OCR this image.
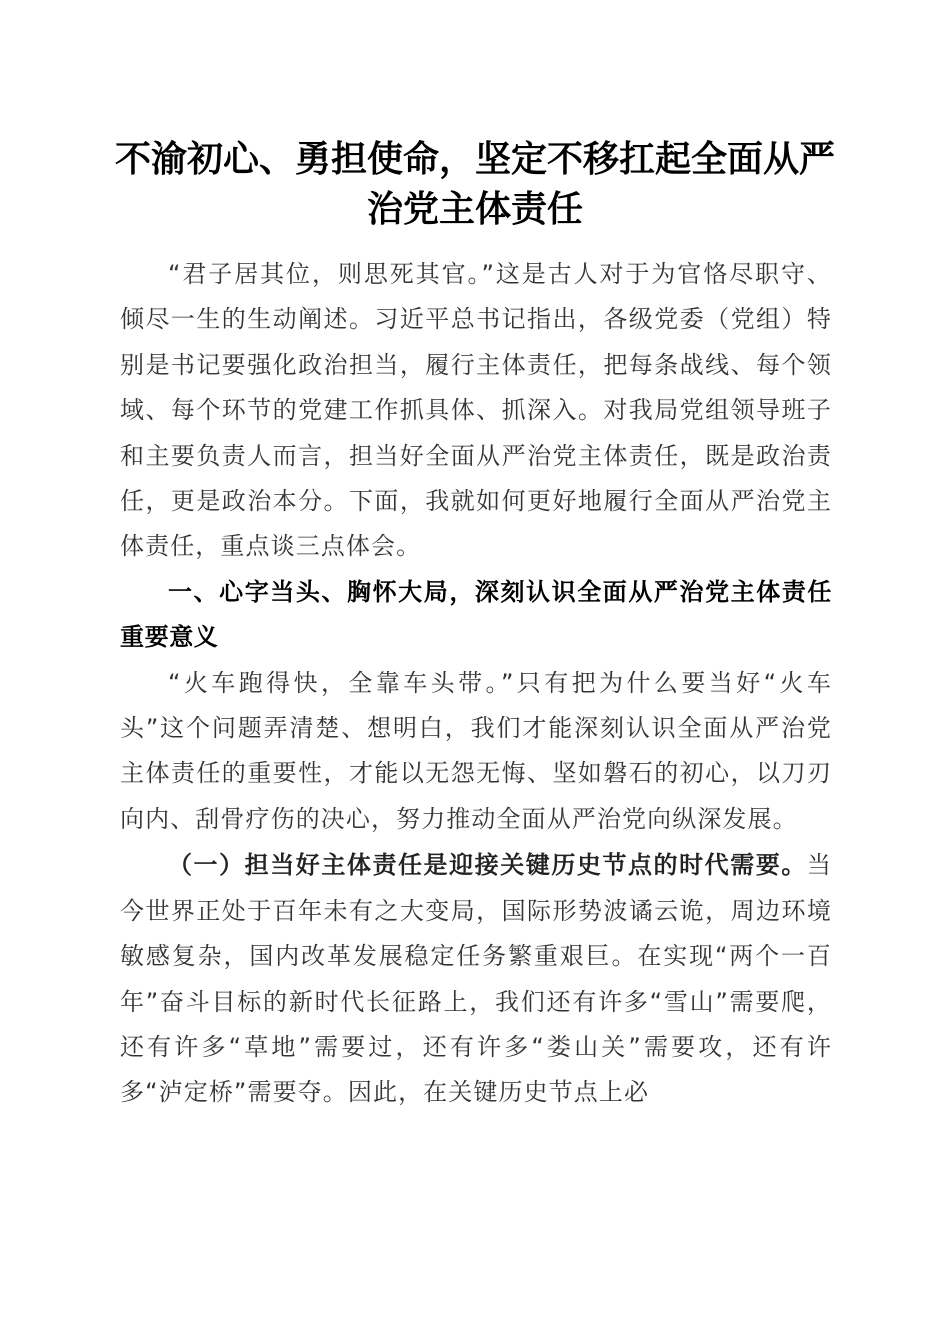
不渝初心、勇担使命，坚定不移扛起全面从严
治党主体责任

“君子居其位，则思死其官。”这是古人对于为官恪尽职守、倾尽一生的生动阐述。习近平总书记指出，各级党委（党组）特别是书记要强化政治担当，履行主体责任，把每条战线、每个领域、每个环节的党建工作抓具体、抓深入。对我局党组领导班子和主要负责人而言，担当好全面从严治党主体责任，既是政治责任，更是政治本分。下面，我就如何更好地履行全面从严治党主体责任，重点谈三点体会。

一、心字当头、胸怀大局，深刻认识全面从严治党主体责任重要意义

“火车跑得快，全靠车头带。”只有把为什么要当好“火车头”这个问题弄清楚、想明白，我们才能深刻认识全面从严治党主体责任的重要性，才能以无怨无悔、坚如磐石的初心，以刀刃向内、刮骨疗伤的决心，努力推动全面从严治党向纵深发展。

（一）担当好主体责任是迎接关键历史节点的时代需要。当今世界正处于百年未有之大变局，国际形势波谲云诡，周边环境敏感复杂，国内改革发展稳定任务繁重艰巨。在实现“两个一百年”奋斗目标的新时代长征路上，我们还有许多“雪山”需要爬，还有许多“草地”需要过，还有许多“娄山关”需要攻，还有许多“泸定桥”需要夺。因此，在关键历史节点上必
